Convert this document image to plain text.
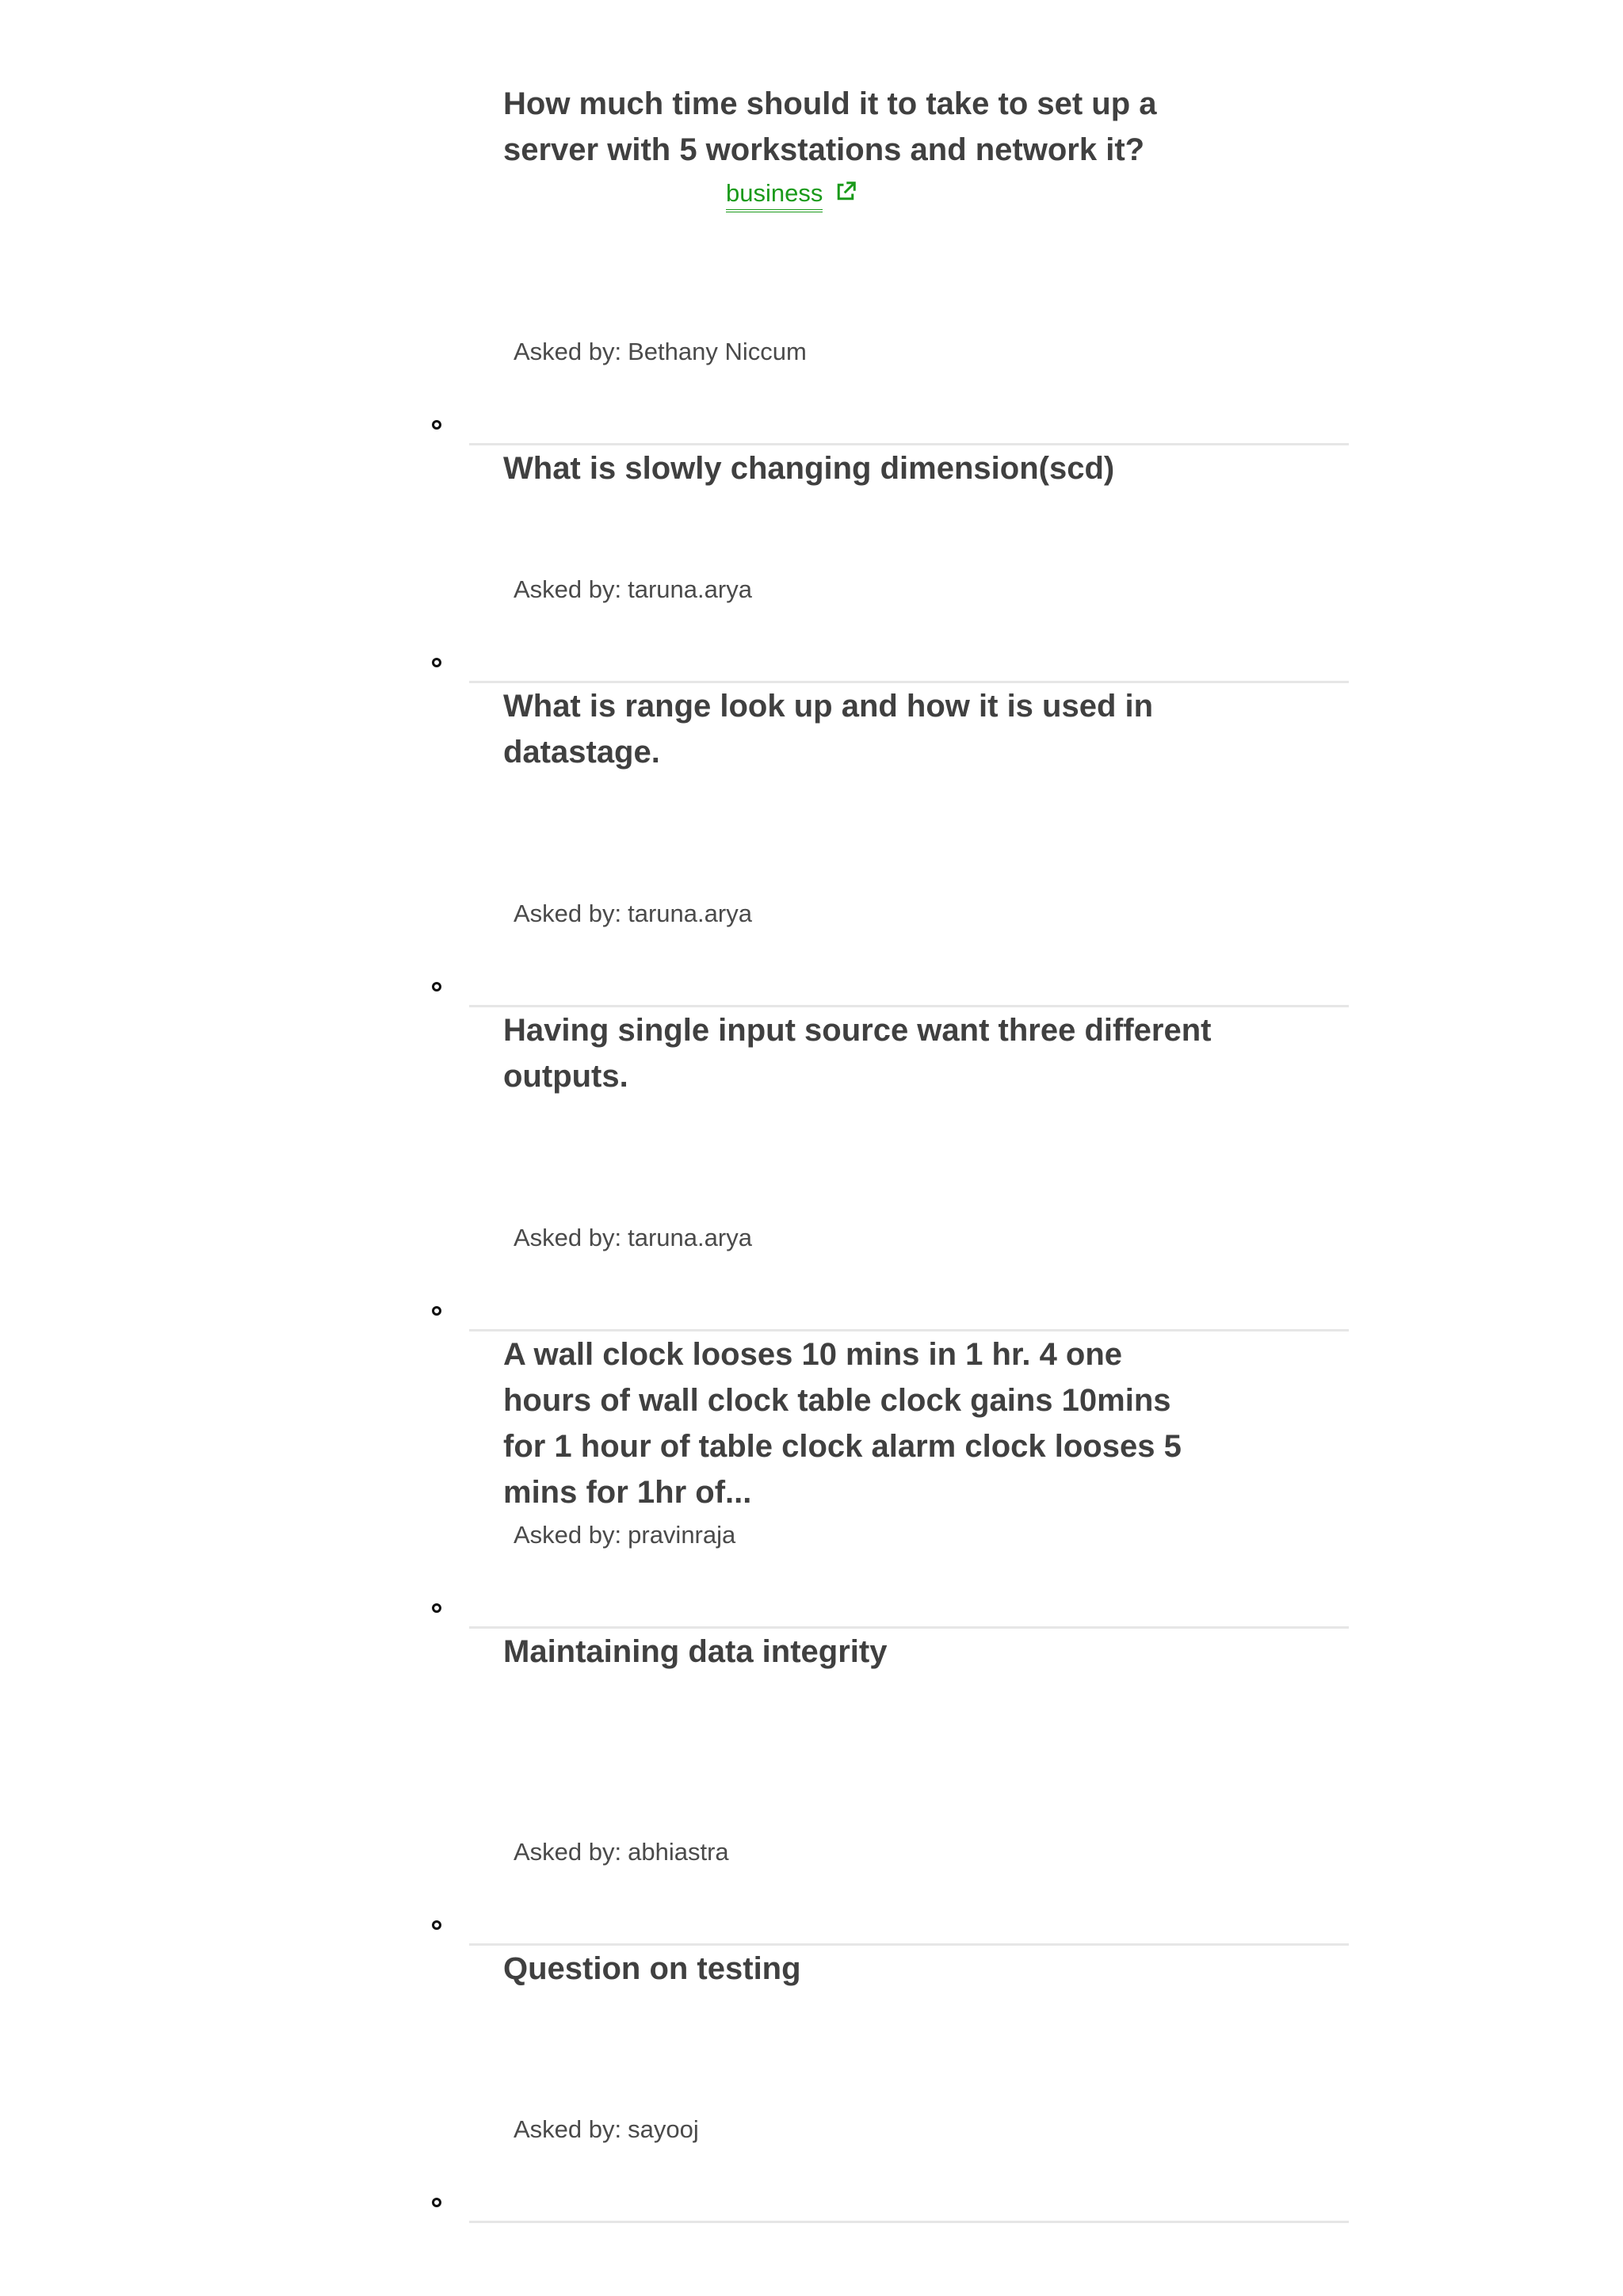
How much time should it to take to set up a server with 5 workstations and network it?
business
Asked by: Bethany Niccum
What is slowly changing dimension(scd)
Asked by: taruna.arya
What is range look up and how it is used in datastage.
Asked by: taruna.arya
Having single input source want three different outputs.
Asked by: taruna.arya
A wall clock looses 10 mins in 1 hr. 4 one hours of wall clock table clock gains 10mins for 1 hour of table clock alarm clock looses 5 mins for 1hr of...
Asked by: pravinraja
Maintaining data integrity
Asked by: abhiastra
Question on testing
Asked by: sayooj
